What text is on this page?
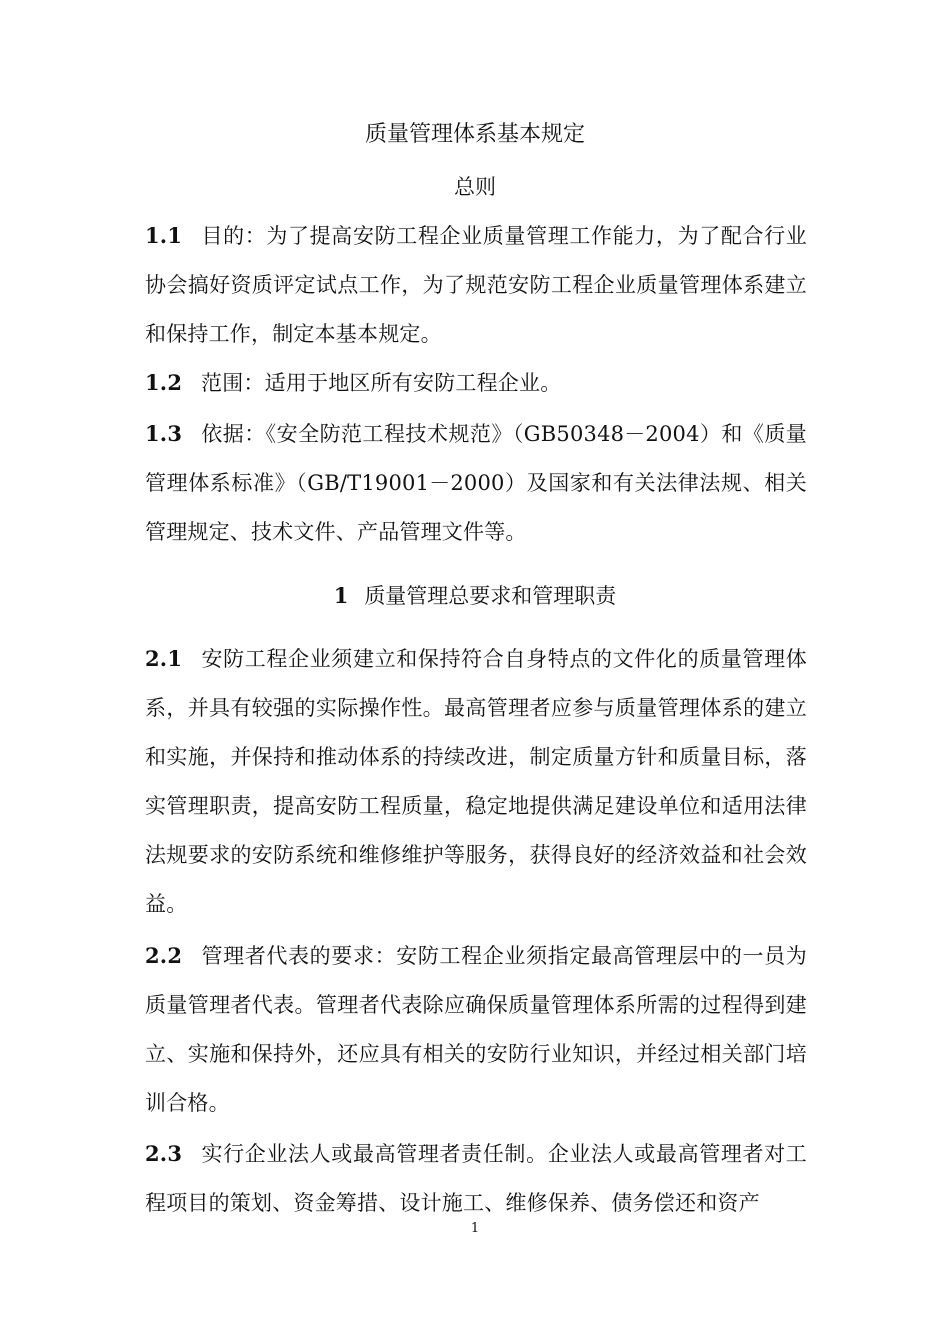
质量管理体系基本规定
总则
1.1 目的：为了提高安防工程企业质量管理工作能力，为了配合行业协会搞好资质评定试点工作，为了规范安防工程企业质量管理体系建立和保持工作，制定本基本规定。
1.2 范围：适用于地区所有安防工程企业。
1.3 依据：《安全防范工程技术规范》（GB50348－2004）和《质量管理体系标准》（GB/T19001－2000）及国家和有关法律法规、相关管理规定、技术文件、产品管理文件等。
1 质量管理总要求和管理职责
2.1 安防工程企业须建立和保持符合自身特点的文件化的质量管理体系，并具有较强的实际操作性。最高管理者应参与质量管理体系的建立和实施，并保持和推动体系的持续改进，制定质量方针和质量目标，落实管理职责，提高安防工程质量，稳定地提供满足建设单位和适用法律法规要求的安防系统和维修维护等服务，获得良好的经济效益和社会效益。
2.2 管理者代表的要求：安防工程企业须指定最高管理层中的一员为质量管理者代表。管理者代表除应确保质量管理体系所需的过程得到建立、实施和保持外，还应具有相关的安防行业知识，并经过相关部门培训合格。
2.3 实行企业法人或最高管理者责任制。企业法人或最高管理者对工程项目的策划、资金筹措、设计施工、维修保养、债务偿还和资产
1
